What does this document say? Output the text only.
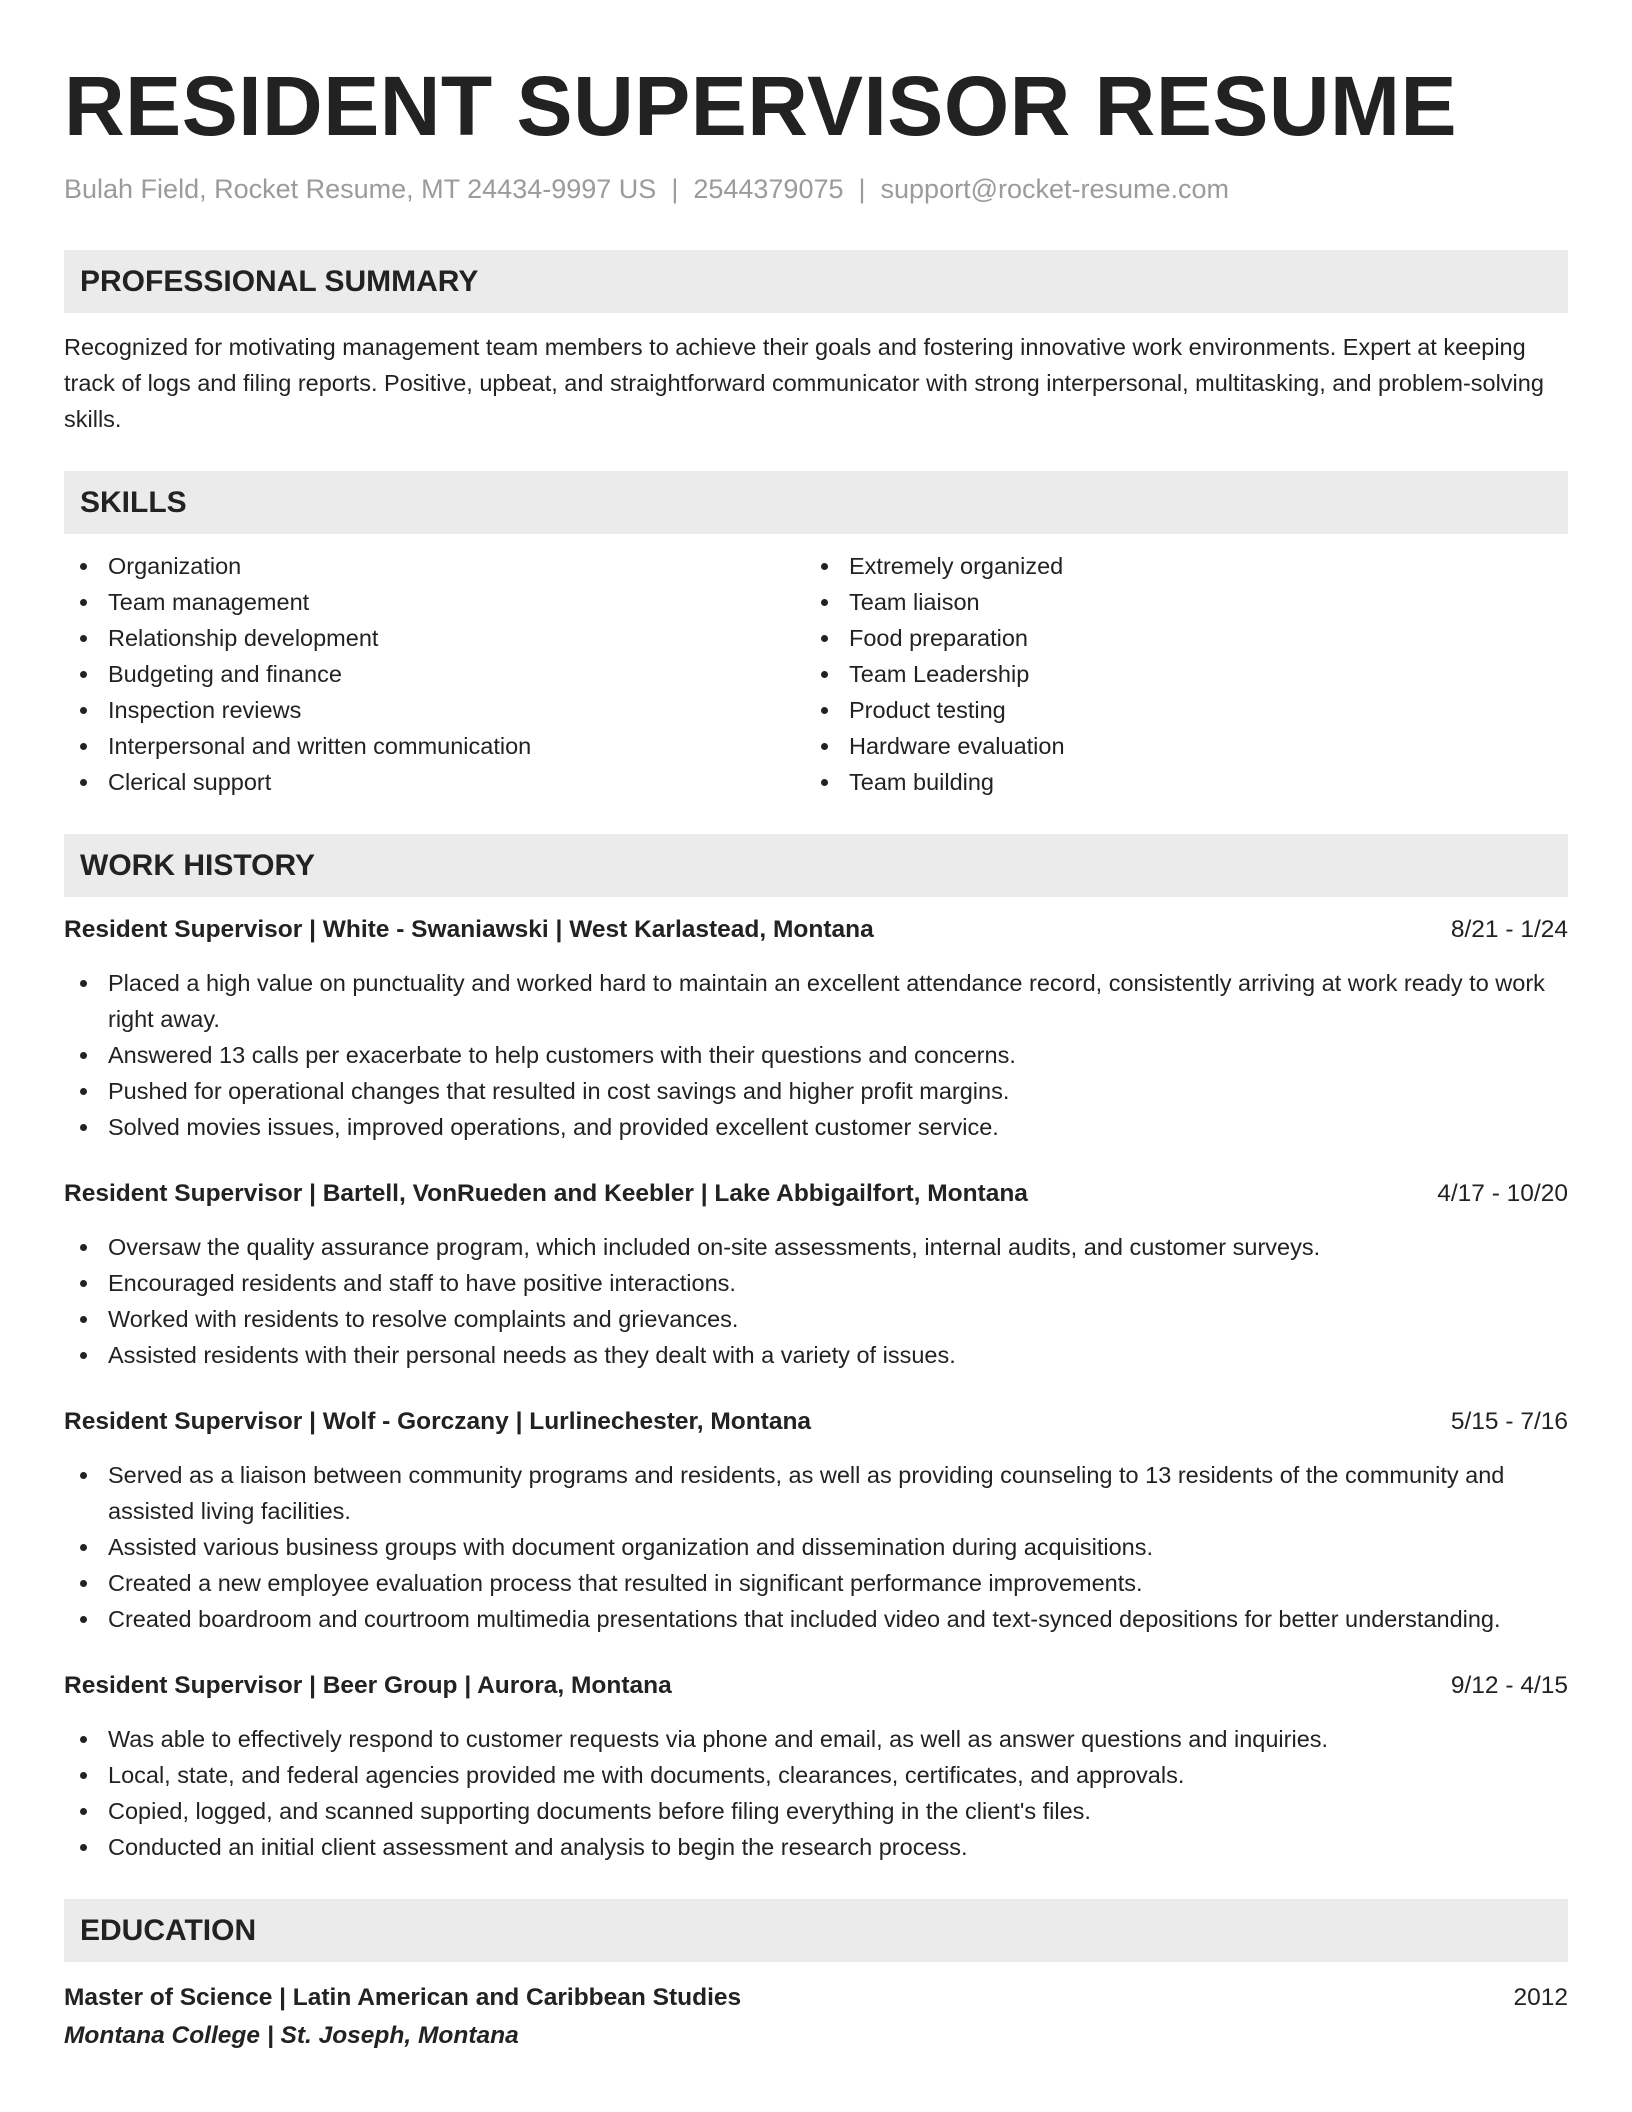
RESIDENT SUPERVISOR RESUME
Bulah Field, Rocket Resume, MT 24434-9997 US | 2544379075 | support@rocket-resume.com
PROFESSIONAL SUMMARY
Recognized for motivating management team members to achieve their goals and fostering innovative work environments. Expert at keeping track of logs and filing reports. Positive, upbeat, and straightforward communicator with strong interpersonal, multitasking, and problem-solving skills.
SKILLS
Organization
Team management
Relationship development
Budgeting and finance
Inspection reviews
Interpersonal and written communication
Clerical support
Extremely organized
Team liaison
Food preparation
Team Leadership
Product testing
Hardware evaluation
Team building
WORK HISTORY
Resident Supervisor | White - Swaniawski | West Karlastead, Montana	8/21 - 1/24
Placed a high value on punctuality and worked hard to maintain an excellent attendance record, consistently arriving at work ready to work right away.
Answered 13 calls per exacerbate to help customers with their questions and concerns.
Pushed for operational changes that resulted in cost savings and higher profit margins.
Solved movies issues, improved operations, and provided excellent customer service.
Resident Supervisor | Bartell, VonRueden and Keebler | Lake Abbigailfort, Montana	4/17 - 10/20
Oversaw the quality assurance program, which included on-site assessments, internal audits, and customer surveys.
Encouraged residents and staff to have positive interactions.
Worked with residents to resolve complaints and grievances.
Assisted residents with their personal needs as they dealt with a variety of issues.
Resident Supervisor | Wolf - Gorczany | Lurlinechester, Montana	5/15 - 7/16
Served as a liaison between community programs and residents, as well as providing counseling to 13 residents of the community and assisted living facilities.
Assisted various business groups with document organization and dissemination during acquisitions.
Created a new employee evaluation process that resulted in significant performance improvements.
Created boardroom and courtroom multimedia presentations that included video and text-synced depositions for better understanding.
Resident Supervisor | Beer Group | Aurora, Montana	9/12 - 4/15
Was able to effectively respond to customer requests via phone and email, as well as answer questions and inquiries.
Local, state, and federal agencies provided me with documents, clearances, certificates, and approvals.
Copied, logged, and scanned supporting documents before filing everything in the client's files.
Conducted an initial client assessment and analysis to begin the research process.
EDUCATION
Master of Science | Latin American and Caribbean Studies	2012
Montana College | St. Joseph, Montana
